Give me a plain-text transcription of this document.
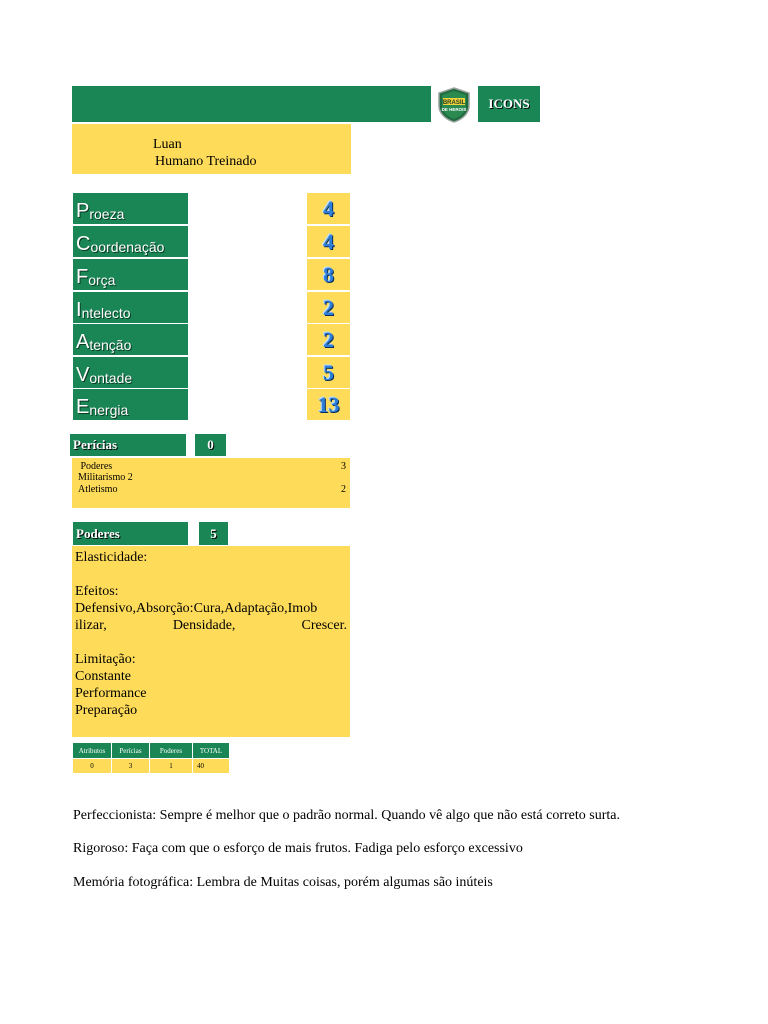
BRASIL
DE HEROIS	ICONS
Luan
Humano Treinado
P roeza	4
C oordenação	4
F orça	8
I ntelecto	2
A tenção	2
V ontade	5
E nergia	13
Perícias	0
Poderes	3
Militarismo 2
Atletismo	2
Poderes	5
Elasticidade:

Efeitos:
Defensivo,Absorção:Cura,Adaptação,Imob
ilizar,	Densidade,	Crescer.

Limitação:
Constante
Performance
Preparação
Atributos	Perícias	Poderes	TOTAL
0	3	1	40
Perfeccionista: Sempre é melhor que o padrão normal. Quando vê algo que não está correto surta.
Rigoroso: Faça com que o esforço de mais frutos. Fadiga pelo esforço excessivo
Memória fotográfica: Lembra de Muitas coisas, porém algumas são inúteis
